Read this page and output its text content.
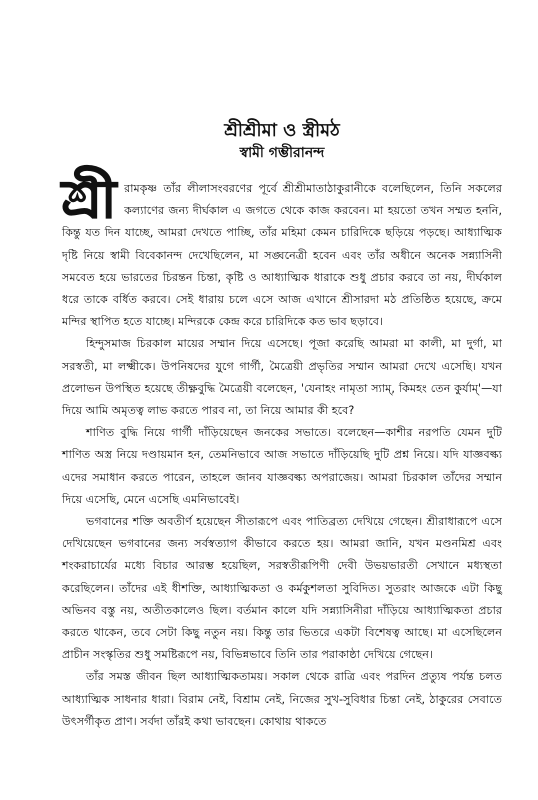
শ্রীশ্রীমা ও স্ত্রীমঠ
স্বামী গম্ভীরানন্দ

শ্রী রামকৃষ্ণ তাঁর লীলাসংবরণের পূর্বে শ্রীশ্রীমাতাঠাকুরানীকে বলেছিলেন, তিনি সকলের কল্যাণের জন্য দীর্ঘকাল এ জগতে থেকে কাজ করবেন। মা হয়তো তখন সম্মত হননি, কিন্তু যত দিন যাচ্ছে, আমরা দেখতে পাচ্ছি, তাঁর মহিমা কেমন চারিদিকে ছড়িয়ে পড়ছে। আধ্যাত্মিক দৃষ্টি নিয়ে স্বামী বিবেকানন্দ দেখেছিলেন, মা সঙ্ঘনেত্রী হবেন এবং তাঁর অধীনে অনেক সন্ন্যাসিনী সমবেত হয়ে ভারতের চিরন্তন চিন্তা, কৃষ্টি ও আধ্যাত্মিক ধারাকে শুধু প্রচার করবে তা নয়, দীর্ঘকাল ধরে তাকে বর্ধিত করবে। সেই ধারায় চলে এসে আজ এখানে শ্রীসারদা মঠ প্রতিষ্ঠিত হয়েছে, ক্রমে মন্দির স্থাপিত হতে যাচ্ছে। মন্দিরকে কেন্দ্র করে চারিদিকে কত ভাব ছড়াবে।

হিন্দুসমাজ চিরকাল মায়ের সম্মান দিয়ে এসেছে। পূজা করেছি আমরা মা কালী, মা দুর্গা, মা সরস্বতী, মা লক্ষ্মীকে। উপনিষদের যুগে গার্গী, মৈত্রেয়ী প্রভৃতির সম্মান আমরা দেখে এসেছি। যখন প্রলোভন উপস্থিত হয়েছে তীক্ষ্ণবুদ্ধি মৈত্রেয়ী বলেছেন, 'যেনাহং নামৃতা স্যাম্, কিমহং তেন কুর্যাম্'—যা দিয়ে আমি অমৃতত্ব লাভ করতে পারব না, তা নিয়ে আমার কী হবে?

শাণিত বুদ্ধি নিয়ে গার্গী দাঁড়িয়েছেন জনকের সভাতে। বলেছেন—কাশীর নরপতি যেমন দুটি শাণিত অস্ত্র নিয়ে দণ্ডায়মান হন, তেমনিভাবে আজ সভাতে দাঁড়িয়েছি দুটি প্রশ্ন নিয়ে। যদি যাজ্ঞবল্ক্য এদের সমাধান করতে পারেন, তাহলে জানব যাজ্ঞবল্ক্য অপরাজেয়। আমরা চিরকাল তাঁদের সম্মান দিয়ে এসেছি, মেনে এসেছি এমনিভাবেই।

ভগবানের শক্তি অবতীর্ণ হয়েছেন সীতারূপে এবং পাতিব্রত্য দেখিয়ে গেছেন। শ্রীরাধারূপে এসে দেখিয়েছেন ভগবানের জন্য সর্বস্বত্যাগ কীভাবে করতে হয়। আমরা জানি, যখন মণ্ডনমিশ্র এবং শংকরাচার্যের মধ্যে বিচার আরম্ভ হয়েছিল, সরস্বতীরূপিণী দেবী উভয়ভারতী সেখানে মধ্যস্থতা করেছিলেন। তাঁদের এই ধীশক্তি, আধ্যাত্মিকতা ও কর্মকুশলতা সুবিদিত। সুতরাং আজকে এটা কিছু অভিনব বস্তু নয়, অতীতকালেও ছিল। বর্তমান কালে যদি সন্ন্যাসিনীরা দাঁড়িয়ে আধ্যাত্মিকতা প্রচার করতে থাকেন, তবে সেটা কিছু নতুন নয়। কিন্তু তার ভিতরে একটা বিশেষত্ব আছে। মা এসেছিলেন প্রাচীন সংস্কৃতির শুধু সমষ্টিরূপে নয়, বিভিন্নভাবে তিনি তার পরাকাষ্ঠা দেখিয়ে গেছেন।

তাঁর সমস্ত জীবন ছিল আধ্যাত্মিকতাময়। সকাল থেকে রাত্রি এবং পরদিন প্রত্যুষ পর্যন্ত চলত আধ্যাত্মিক সাধনার ধারা। বিরাম নেই, বিশ্রাম নেই, নিজের সুখ-সুবিধার চিন্তা নেই, ঠাকুরের সেবাতে উৎসর্গীকৃত প্রাণ। সর্বদা তাঁরই কথা ভাবছেন। কোথায় থাকতে
